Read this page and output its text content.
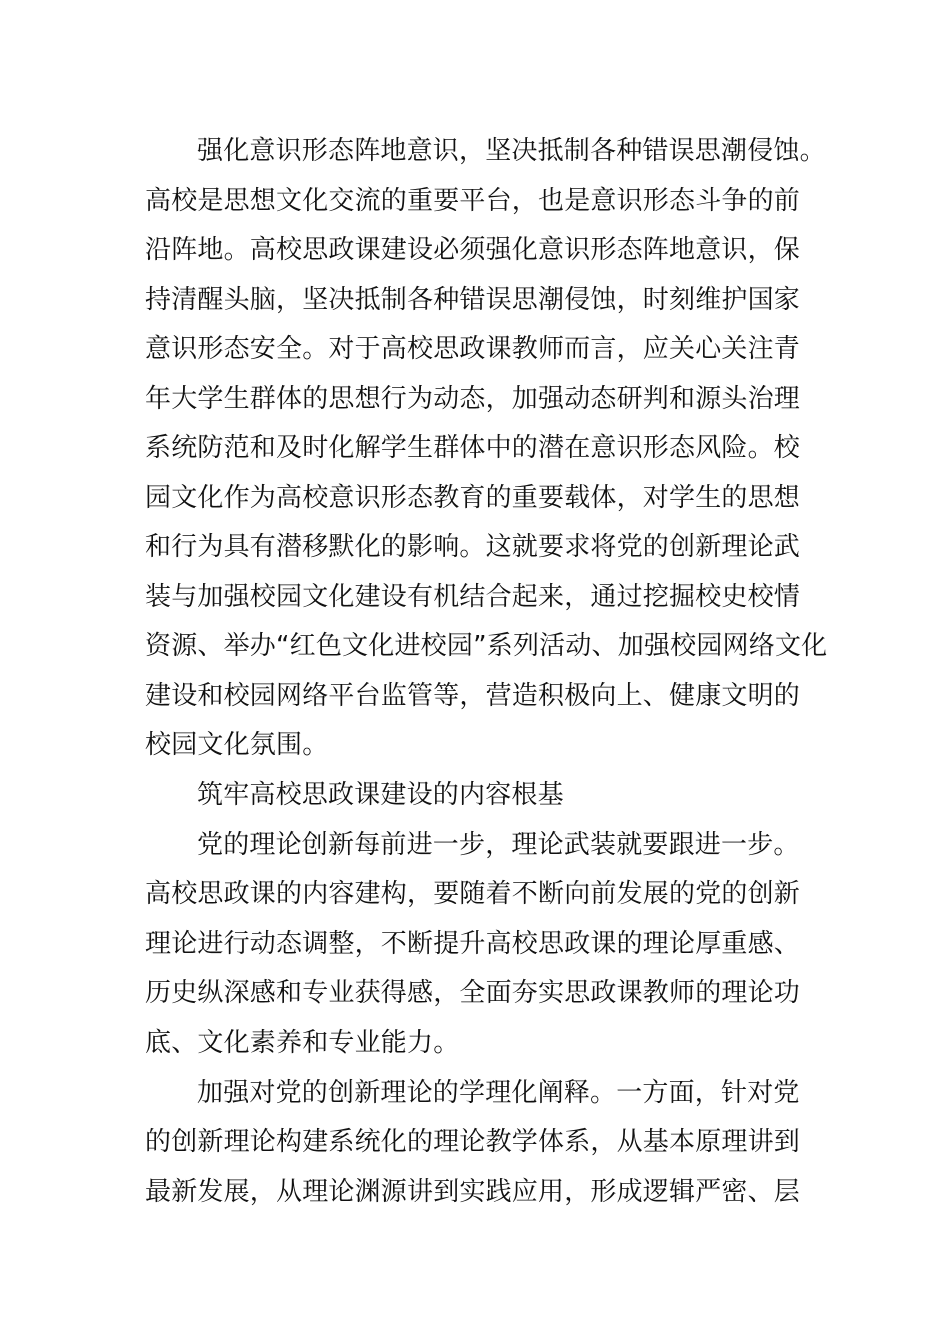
强化意识形态阵地意识，坚决抵制各种错误思潮侵蚀。
高校是思想文化交流的重要平台，也是意识形态斗争的前
沿阵地。高校思政课建设必须强化意识形态阵地意识，保
持清醒头脑，坚决抵制各种错误思潮侵蚀，时刻维护国家
意识形态安全。对于高校思政课教师而言，应关心关注青
年大学生群体的思想行为动态，加强动态研判和源头治理
系统防范和及时化解学生群体中的潜在意识形态风险。校
园文化作为高校意识形态教育的重要载体，对学生的思想
和行为具有潜移默化的影响。这就要求将党的创新理论武
装与加强校园文化建设有机结合起来，通过挖掘校史校情
资源、举办“红色文化进校园”系列活动、加强校园网络文化
建设和校园网络平台监管等，营造积极向上、健康文明的
校园文化氛围。
筑牢高校思政课建设的内容根基
党的理论创新每前进一步，理论武装就要跟进一步。
高校思政课的内容建构，要随着不断向前发展的党的创新
理论进行动态调整，不断提升高校思政课的理论厚重感、
历史纵深感和专业获得感，全面夯实思政课教师的理论功
底、文化素养和专业能力。
加强对党的创新理论的学理化阐释。一方面，针对党
的创新理论构建系统化的理论教学体系，从基本原理讲到
最新发展，从理论渊源讲到实践应用，形成逻辑严密、层
